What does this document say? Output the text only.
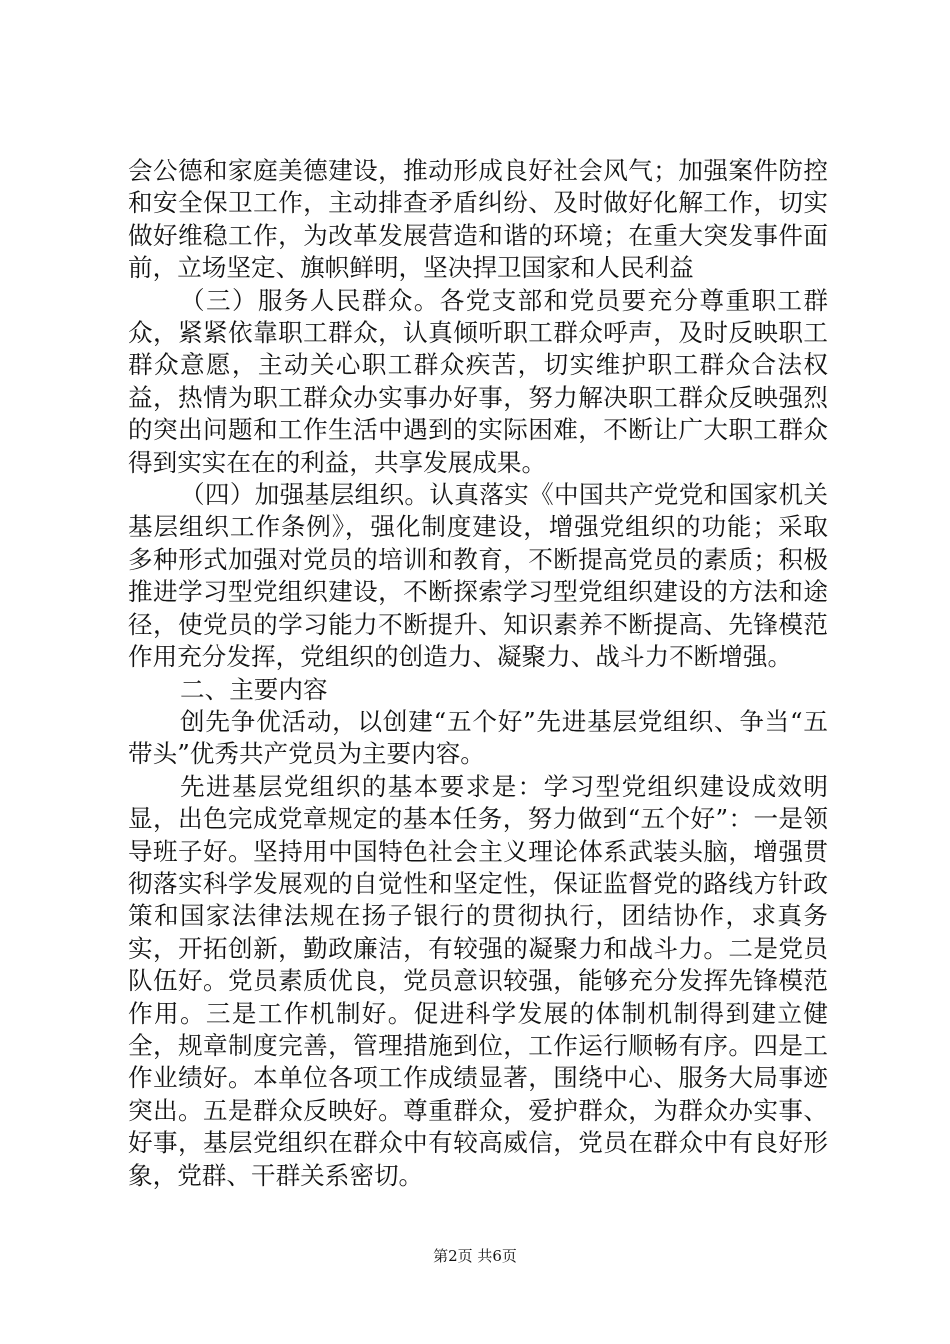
会公德和家庭美德建设，推动形成良好社会风气；加强案件防控和安全保卫工作，主动排查矛盾纠纷、及时做好化解工作，切实做好维稳工作，为改革发展营造和谐的环境；在重大突发事件面前，立场坚定、旗帜鲜明，坚决捍卫国家和人民利益

（三）服务人民群众。各党支部和党员要充分尊重职工群众，紧紧依靠职工群众，认真倾听职工群众呼声，及时反映职工群众意愿，主动关心职工群众疾苦，切实维护职工群众合法权益，热情为职工群众办实事办好事，努力解决职工群众反映强烈的突出问题和工作生活中遇到的实际困难，不断让广大职工群众得到实实在在的利益，共享发展成果。

（四）加强基层组织。认真落实《中国共产党党和国家机关基层组织工作条例》，强化制度建设，增强党组织的功能；采取多种形式加强对党员的培训和教育，不断提高党员的素质；积极推进学习型党组织建设，不断探索学习型党组织建设的方法和途径，使党员的学习能力不断提升、知识素养不断提高、先锋模范作用充分发挥，党组织的创造力、凝聚力、战斗力不断增强。

二、主要内容

创先争优活动，以创建“五个好”先进基层党组织、争当“五带头”优秀共产党员为主要内容。

先进基层党组织的基本要求是：学习型党组织建设成效明显，出色完成党章规定的基本任务，努力做到“五个好”：一是领导班子好。坚持用中国特色社会主义理论体系武装头脑，增强贯彻落实科学发展观的自觉性和坚定性，保证监督党的路线方针政策和国家法律法规在扬子银行的贯彻执行，团结协作，求真务实，开拓创新，勤政廉洁，有较强的凝聚力和战斗力。二是党员队伍好。党员素质优良，党员意识较强，能够充分发挥先锋模范作用。三是工作机制好。促进科学发展的体制机制得到建立健全，规章制度完善，管理措施到位，工作运行顺畅有序。四是工作业绩好。本单位各项工作成绩显著，围绕中心、服务大局事迹突出。五是群众反映好。尊重群众，爱护群众，为群众办实事、好事，基层党组织在群众中有较高威信，党员在群众中有良好形象，党群、干群关系密切。

第2页 共6页
